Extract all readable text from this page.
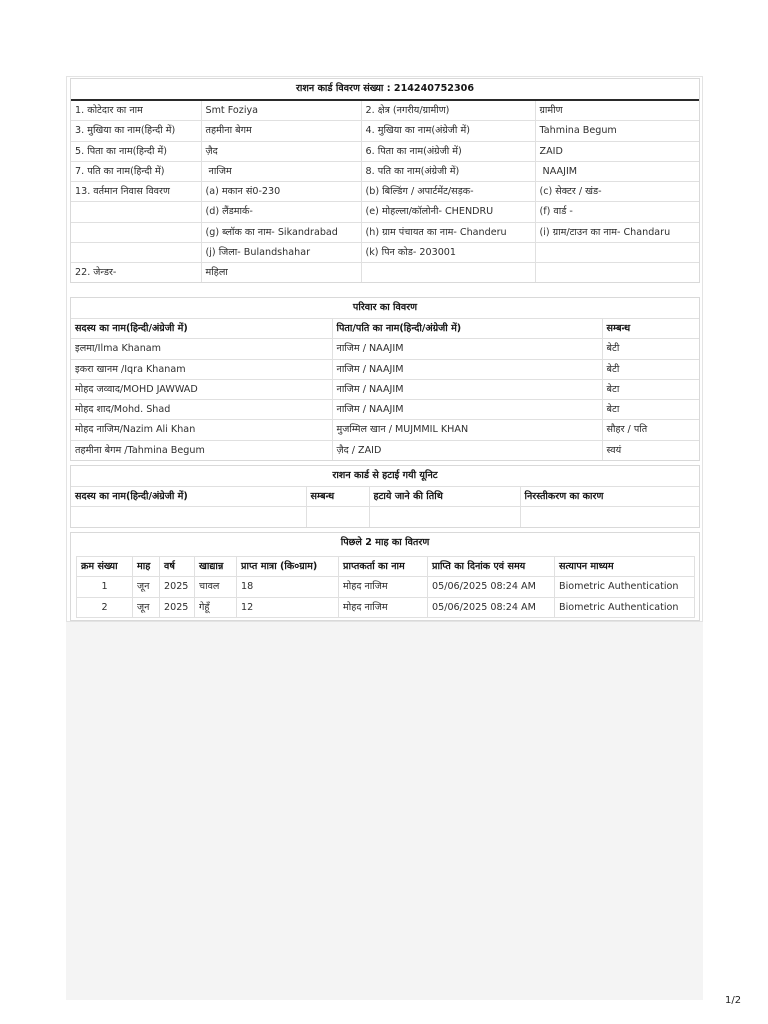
राशन कार्ड विवरण संख्या : 214240752306
1. कोटेदार का नाम	Smt Foziya	2. क्षेत्र (नगरीय/ग्रामीण)	ग्रामीण
3. मुखिया का नाम(हिन्दी में)	तहमीना बेगम	4. मुखिया का नाम(अंग्रेजी में)	Tahmina Begum
5. पिता का नाम(हिन्दी में)	ज़ैद	6. पिता का नाम(अंग्रेजी में)	ZAID
7. पति का नाम(हिन्दी में)	नाजिम	8. पति का नाम(अंग्रेजी में)	NAAJIM
13. वर्तमान निवास विवरण	(a) मकान सं0-230	(b) बिल्डिंग / अपार्टमेंट/सड़क-	(c) सेक्टर / खंड-
	(d) लैंडमार्क-	(e) मोहल्ला/कॉलोनी- CHENDRU	(f) वार्ड -
	(g) ब्लॉक का नाम- Sikandrabad	(h) ग्राम पंचायत का नाम- Chanderu	(i) ग्राम/टाउन का नाम- Chandaru
	(j) जिला- Bulandshahar	(k) पिन कोड- 203001	
22. जेन्डर-	महिला		
परिवार का विवरण
सदस्य का नाम(हिन्दी/अंग्रेजी में)	पिता/पति का नाम(हिन्दी/अंग्रेजी में)	सम्बन्ध
इलमा/Ilma Khanam	नाजिम / NAAJIM	बेटी
इकरा खानम /Iqra Khanam	नाजिम / NAAJIM	बेटी
मोहद जव्वाद/MOHD JAWWAD	नाजिम / NAAJIM	बेटा
मोहद शाद/Mohd. Shad	नाजिम / NAAJIM	बेटा
मोहद नाजिम/Nazim Ali Khan	मुजम्मिल खान / MUJMMIL KHAN	सौहर / पति
तहमीना बेगम /Tahmina Begum	ज़ैद / ZAID	स्वयं
राशन कार्ड से हटाई गयी यूनिट
सदस्य का नाम(हिन्दी/अंग्रेजी में)	सम्बन्ध	हटाये जाने की तिथि	निरस्तीकरण का कारण

पिछले 2 माह का वितरण
क्रम संख्या	माह	वर्ष	खाद्यान्न	प्राप्त मात्रा (कि०ग्राम)	प्राप्तकर्ता का नाम	प्राप्ति का दिनांक एवं समय	सत्यापन माध्यम
1	जून	2025	चावल	18	मोहद नाजिम	05/06/2025 08:24 AM	Biometric Authentication
2	जून	2025	गेहूँ	12	मोहद नाजिम	05/06/2025 08:24 AM	Biometric Authentication
1/2
